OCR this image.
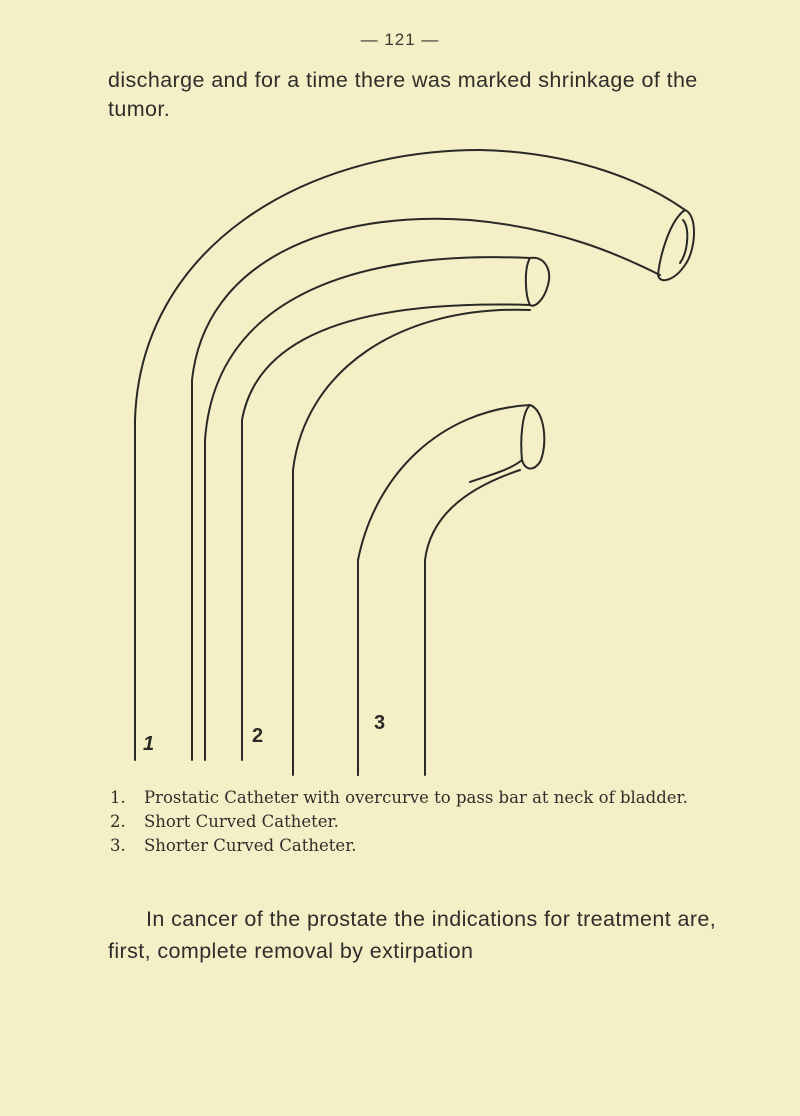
— 121 —

discharge and for a time there was marked shrinkage of the tumor.

1	2
3
1. Prostatic Catheter with overcurve to pass bar at neck of bladder.
2. Short Curved Catheter.
3. Shorter Curved Catheter.

In cancer of the prostate the indications for treatment are, first, complete removal by extirpation
